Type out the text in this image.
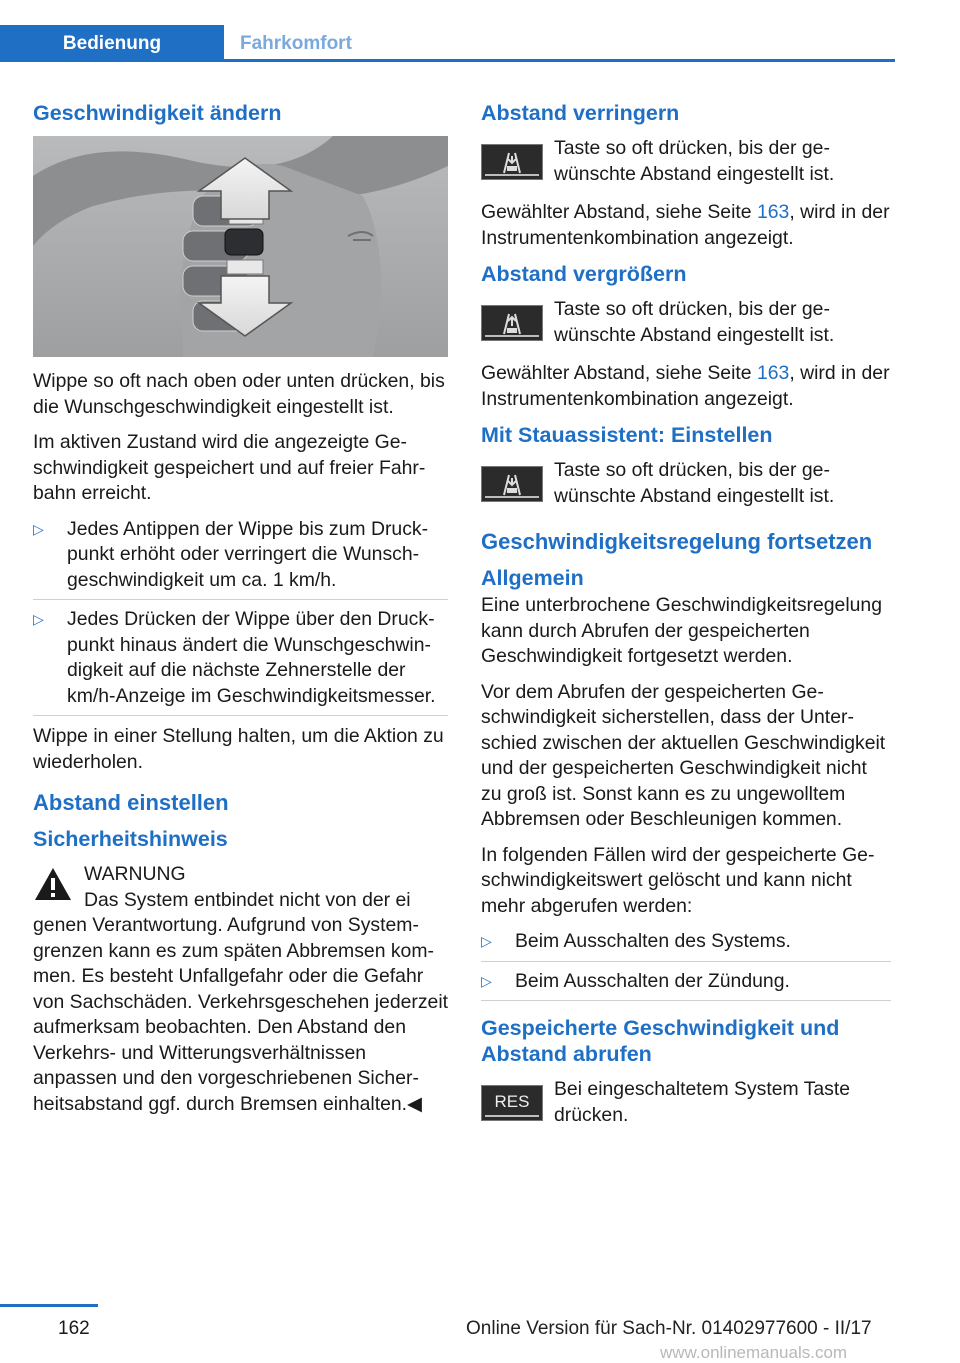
Bedienung	Fahrkomfort
Geschwindigkeit ändern

Wippe so oft nach oben oder unten drücken, bis die Wunschgeschwindigkeit eingestellt ist.

Im aktiven Zustand wird die angezeigte Geschwindigkeit gespeichert und auf freier Fahrbahn erreicht.

▷ Jedes Antippen der Wippe bis zum Druckpunkt erhöht oder verringert die Wunschgeschwindigkeit um ca. 1 km/h.
▷ Jedes Drücken der Wippe über den Druckpunkt hinaus ändert die Wunschgeschwindigkeit auf die nächste Zehnerstelle der km/h-Anzeige im Geschwindigkeitsmesser.

Wippe in einer Stellung halten, um die Aktion zu wiederholen.

Abstand einstellen
Sicherheitshinweis
WARNUNG
Das System entbindet nicht von der ei
genen Verantwortung. Aufgrund von Systemgrenzen kann es zum späten Abbremsen kommen. Es besteht Unfallgefahr oder die Gefahr von Sachschäden. Verkehrsgeschehen jederzeit aufmerksam beobachten. Den Abstand den Verkehrs- und Witterungsverhältnissen anpassen und den vorgeschriebenen Sicherheitsabstand ggf. durch Bremsen einhalten.◀
Abstand verringern
Taste so oft drücken, bis der gewünschte Abstand eingestellt ist.

Gewählter Abstand, siehe Seite 163, wird in der Instrumentenkombination angezeigt.

Abstand vergrößern
Taste so oft drücken, bis der gewünschte Abstand eingestellt ist.

Gewählter Abstand, siehe Seite 163, wird in der Instrumentenkombination angezeigt.

Mit Stauassistent: Einstellen
Taste so oft drücken, bis der gewünschte Abstand eingestellt ist.
Geschwindigkeitsregelung fortsetzen
Allgemein

Eine unterbrochene Geschwindigkeitsregelung kann durch Abrufen der gespeicherten Geschwindigkeit fortgesetzt werden.

Vor dem Abrufen der gespeicherten Geschwindigkeit sicherstellen, dass der Unterschied zwischen der aktuellen Geschwindigkeit und der gespeicherten Geschwindigkeit nicht zu groß ist. Sonst kann es zu ungewolltem Abbremsen oder Beschleunigen kommen.

In folgenden Fällen wird der gespeicherte Geschwindigkeitswert gelöscht und kann nicht mehr abgerufen werden:

▷ Beim Ausschalten des Systems.
▷ Beim Ausschalten der Zündung.
Gespeicherte Geschwindigkeit und Abstand abrufen
RES
Bei eingeschaltetem System Taste drücken.
162	Online Version für Sach-Nr. 01402977600 - II/17
www.onlinemanuals.com
